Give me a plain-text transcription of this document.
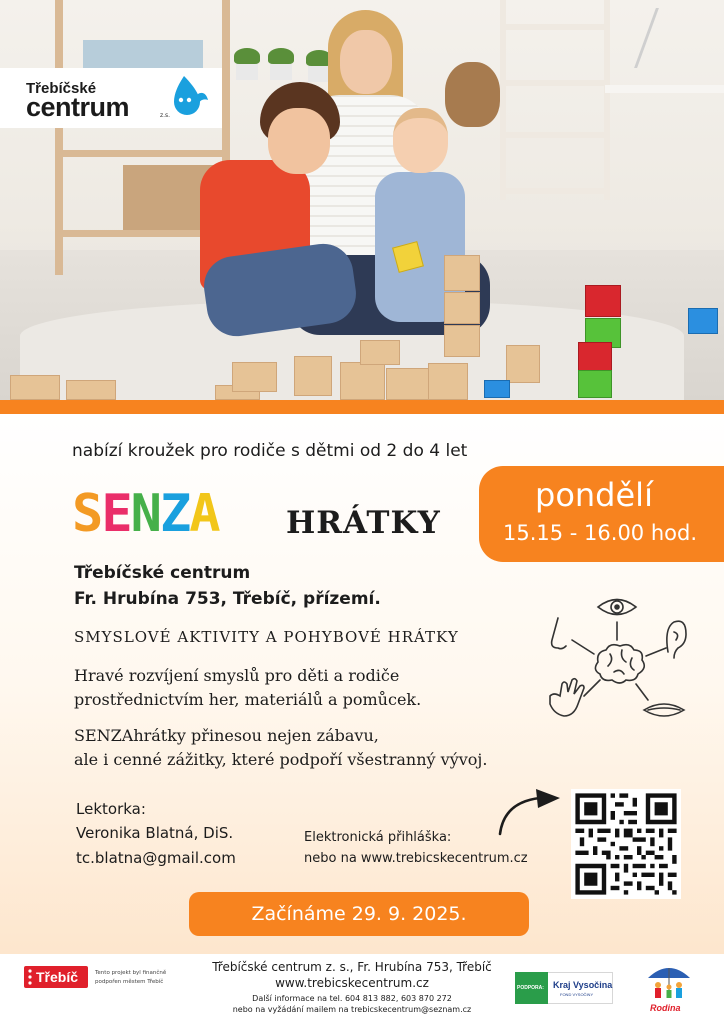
Třebíčské
centrum	z.s.
nabízí kroužek pro rodiče s dětmi od 2 do 4 let
SENZA HRÁTKY
pondělí
15.15 - 16.00 hod.
Třebíčské centrum
Fr. Hrubína 753, Třebíč, přízemí.
SMYSLOVÉ AKTIVITY A POHYBOVÉ HRÁTKY
Hravé rozvíjení smyslů pro děti a rodiče
prostřednictvím her, materiálů a pomůcek.
SENZAhrátky přinesou nejen zábavu,
ale i cenné zážitky, které podpoří všestranný vývoj.
Lektorka:
Veronika Blatná, DiS.
tc.blatna@gmail.com
Elektronická přihláška:
nebo na www.trebicskecentrum.cz
Začínáme 29. 9. 2025.
Třebíč	Tento projekt byl finančně
podpořen městem Třebíč
Třebíčské centrum z. s., Fr. Hrubína 753, Třebíč
www.trebicskecentrum.cz
Další informace na tel. 604 813 882, 603 870 272
nebo na vyžádání mailem na trebicskecentrum@seznam.cz
PODPORA: Kraj Vysočina
FOND VYSOČINY
Rodina
